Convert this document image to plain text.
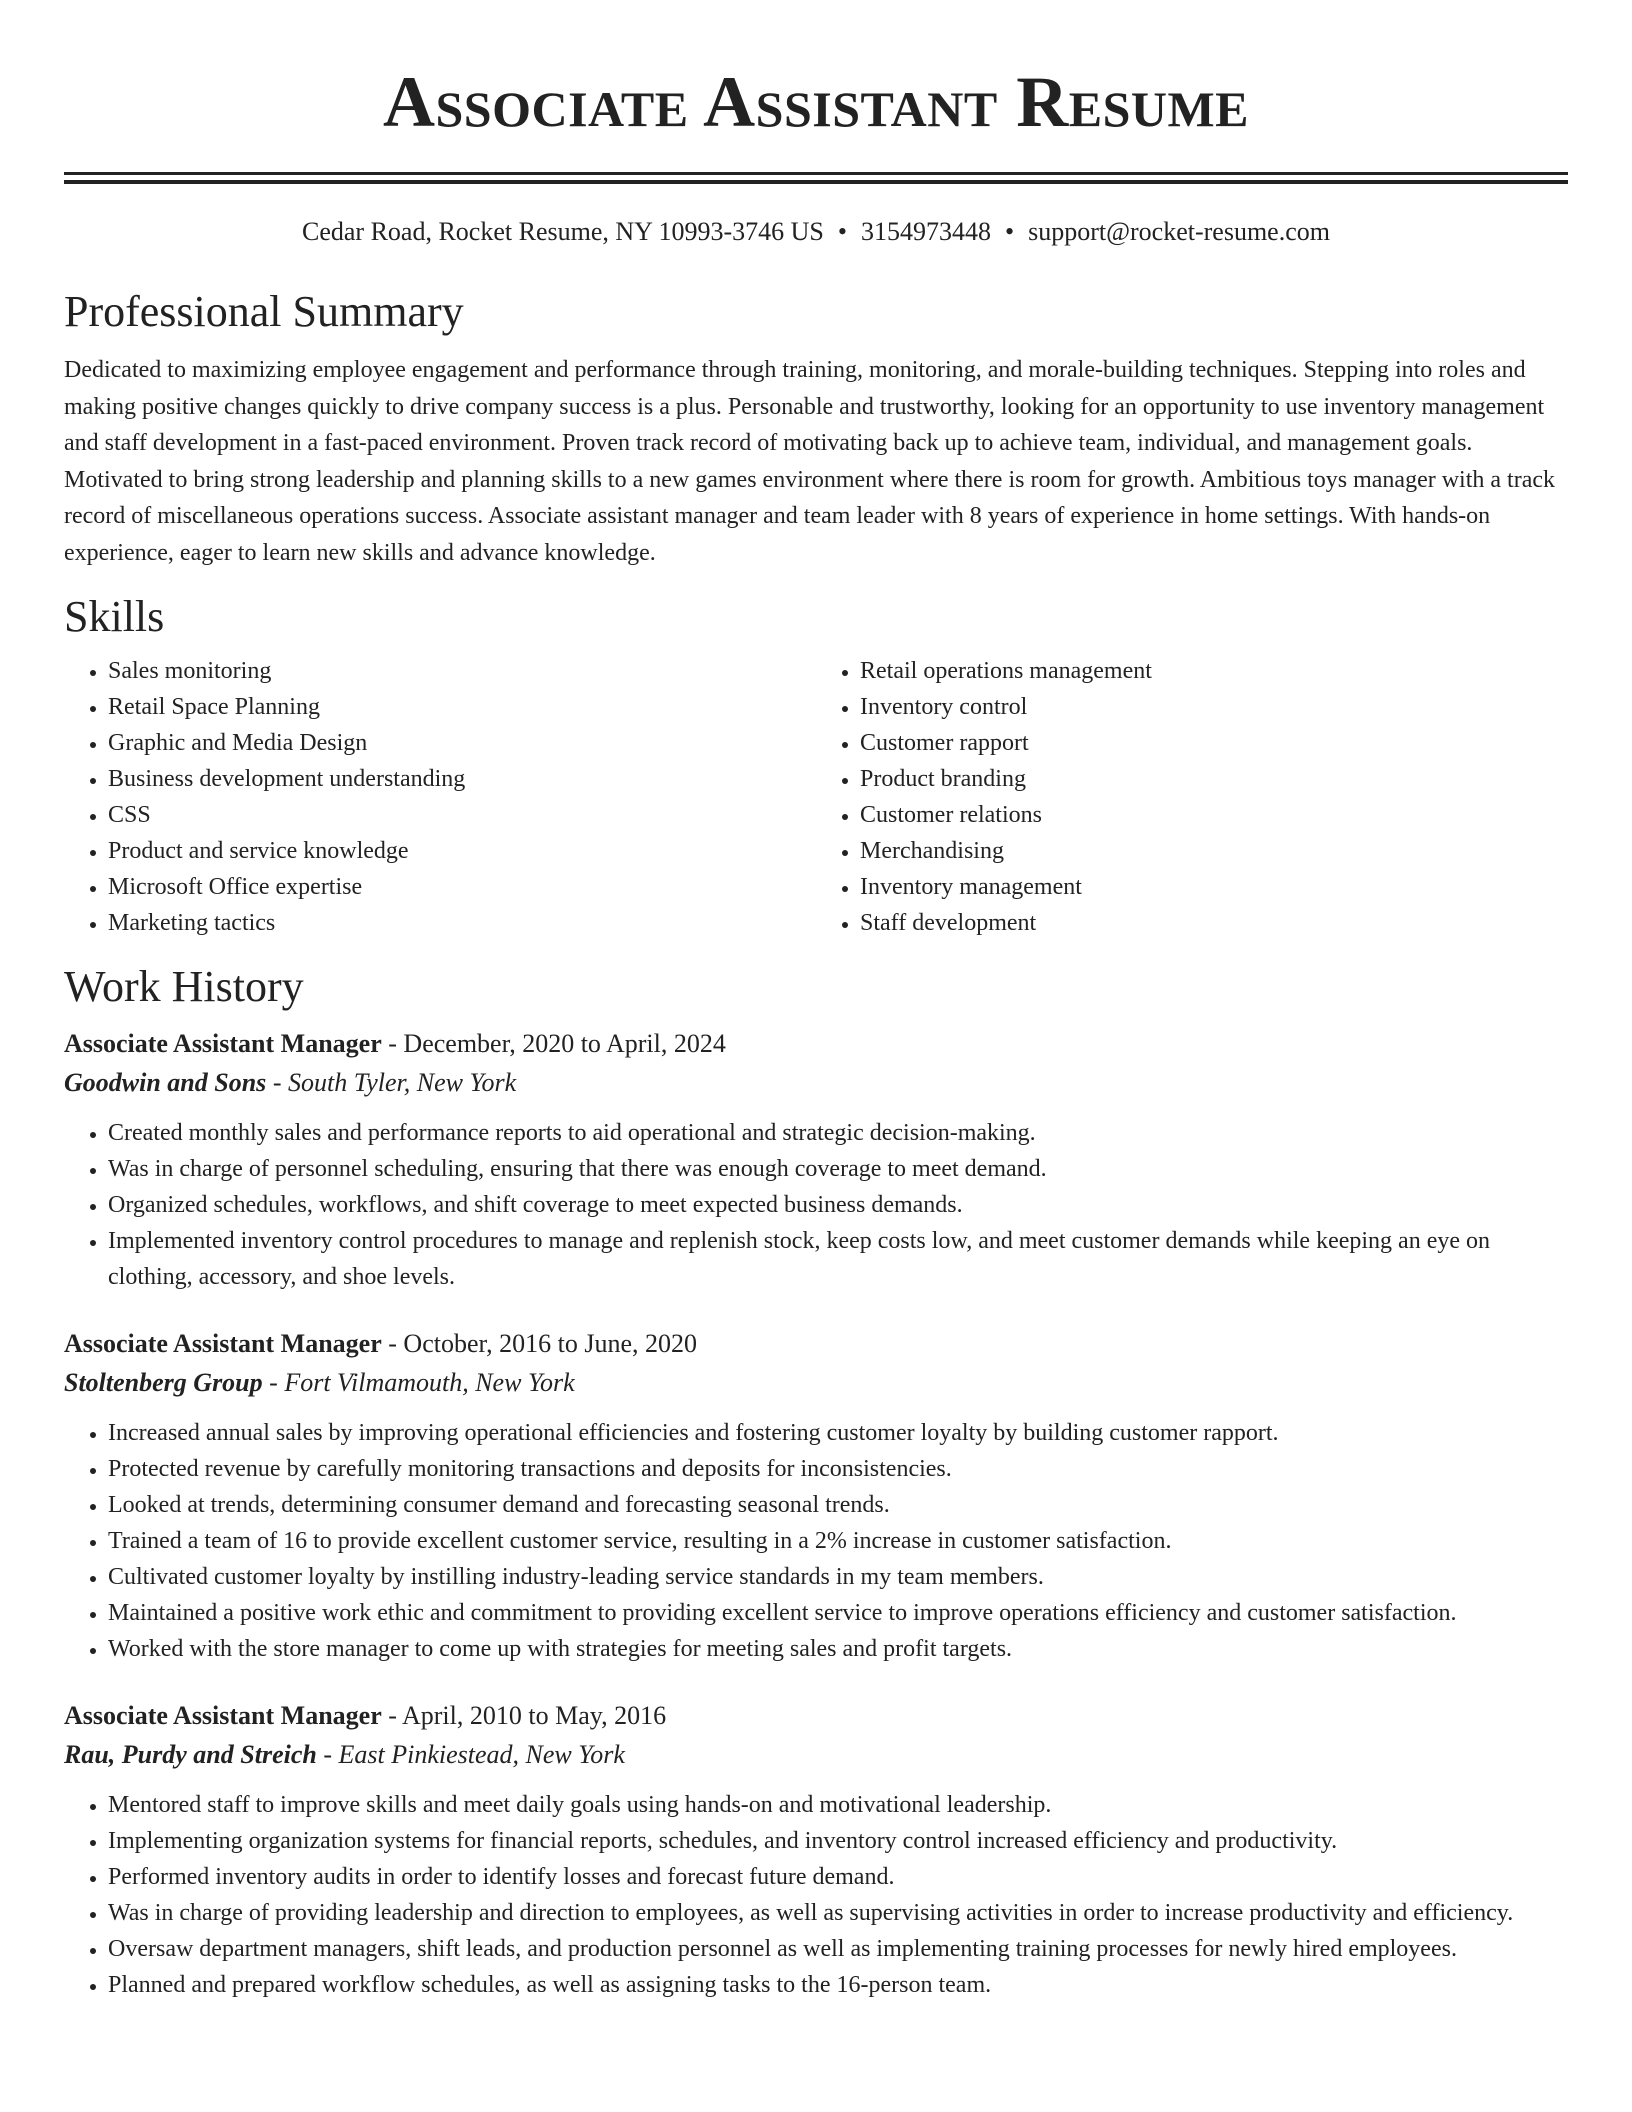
Associate Assistant Resume
Cedar Road, Rocket Resume, NY 10993-3746 US • 3154973448 • support@rocket-resume.com
Professional Summary

Dedicated to maximizing employee engagement and performance through training, monitoring, and morale-building techniques. Stepping into roles and making positive changes quickly to drive company success is a plus. Personable and trustworthy, looking for an opportunity to use inventory management and staff development in a fast-paced environment. Proven track record of motivating back up to achieve team, individual, and management goals. Motivated to bring strong leadership and planning skills to a new games environment where there is room for growth. Ambitious toys manager with a track record of miscellaneous operations success. Associate assistant manager and team leader with 8 years of experience in home settings. With hands-on experience, eager to learn new skills and advance knowledge.

Skills
• Sales monitoring
• Retail Space Planning
• Graphic and Media Design
• Business development understanding
• CSS
• Product and service knowledge
• Microsoft Office expertise
• Marketing tactics
• Retail operations management
• Inventory control
• Customer rapport
• Product branding
• Customer relations
• Merchandising
• Inventory management
• Staff development
Work History
Associate Assistant Manager - December, 2020 to April, 2024
Goodwin and Sons - South Tyler, New York
• Created monthly sales and performance reports to aid operational and strategic decision-making.
• Was in charge of personnel scheduling, ensuring that there was enough coverage to meet demand.
• Organized schedules, workflows, and shift coverage to meet expected business demands.
• Implemented inventory control procedures to manage and replenish stock, keep costs low, and meet customer demands while keeping an eye on clothing, accessory, and shoe levels.
Associate Assistant Manager - October, 2016 to June, 2020
Stoltenberg Group - Fort Vilmamouth, New York
• Increased annual sales by improving operational efficiencies and fostering customer loyalty by building customer rapport.
• Protected revenue by carefully monitoring transactions and deposits for inconsistencies.
• Looked at trends, determining consumer demand and forecasting seasonal trends.
• Trained a team of 16 to provide excellent customer service, resulting in a 2% increase in customer satisfaction.
• Cultivated customer loyalty by instilling industry-leading service standards in my team members.
• Maintained a positive work ethic and commitment to providing excellent service to improve operations efficiency and customer satisfaction.
• Worked with the store manager to come up with strategies for meeting sales and profit targets.
Associate Assistant Manager - April, 2010 to May, 2016
Rau, Purdy and Streich - East Pinkiestead, New York
• Mentored staff to improve skills and meet daily goals using hands-on and motivational leadership.
• Implementing organization systems for financial reports, schedules, and inventory control increased efficiency and productivity.
• Performed inventory audits in order to identify losses and forecast future demand.
• Was in charge of providing leadership and direction to employees, as well as supervising activities in order to increase productivity and efficiency.
• Oversaw department managers, shift leads, and production personnel as well as implementing training processes for newly hired employees.
• Planned and prepared workflow schedules, as well as assigning tasks to the 16-person team.
